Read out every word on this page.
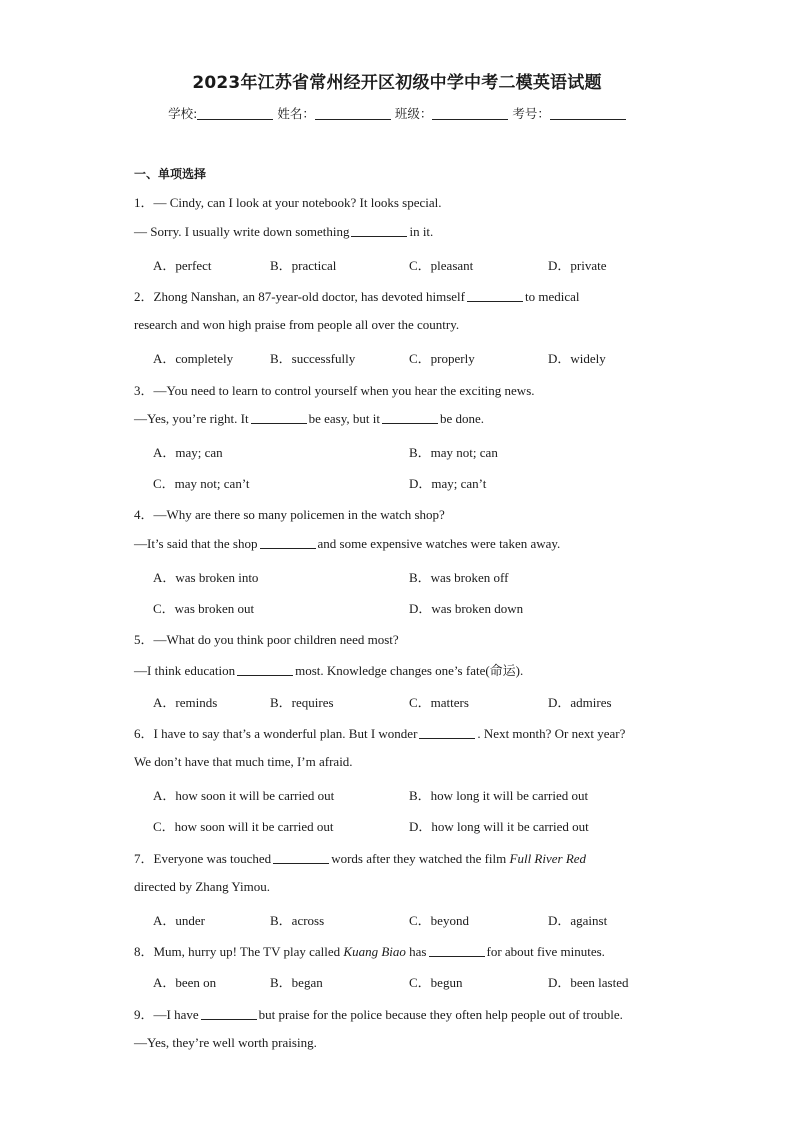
2023年江苏省常州经开区初级中学中考二模英语试题
学校:	姓名：	班级：	考号：
一、单项选择
1．— Cindy, can I look at your notebook? It looks special.
— Sorry. I usually write down something	in it.
A．perfect	B．practical	C．pleasant	D．private
2．Zhong Nanshan, an 87-year-old doctor, has devoted himself	to medical
research and won high praise from people all over the country.
A．completely	B．successfully	C．properly	D．widely
3．—You need to learn to control yourself when you hear the exciting news.
—Yes, you’re right. It	be easy, but it	be done.
A．may; can	B．may not; can
C．may not; can’t	D．may; can’t
4．—Why are there so many policemen in the watch shop?
—It’s said that the shop	and some expensive watches were taken away.
A．was broken into	B．was broken off
C．was broken out	D．was broken down
5．—What do you think poor children need most?
—I think education	most. Knowledge changes one’s fate(命运).
A．reminds	B．requires	C．matters	D．admires
6．I have to say that’s a wonderful plan. But I wonder	. Next month? Or next year?
We don’t have that much time, I’m afraid.
A．how soon it will be carried out	B．how long it will be carried out
C．how soon will it be carried out	D．how long will it be carried out
7．Everyone was touched	words after they watched the film Full River Red
directed by Zhang Yimou.
A．under	B．across	C．beyond	D．against
8．Mum, hurry up! The TV play called Kuang Biao has	for about five minutes.
A．been on	B．began	C．begun	D．been lasted
9．—I have	but praise for the police because they often help people out of trouble.
—Yes, they’re well worth praising.
